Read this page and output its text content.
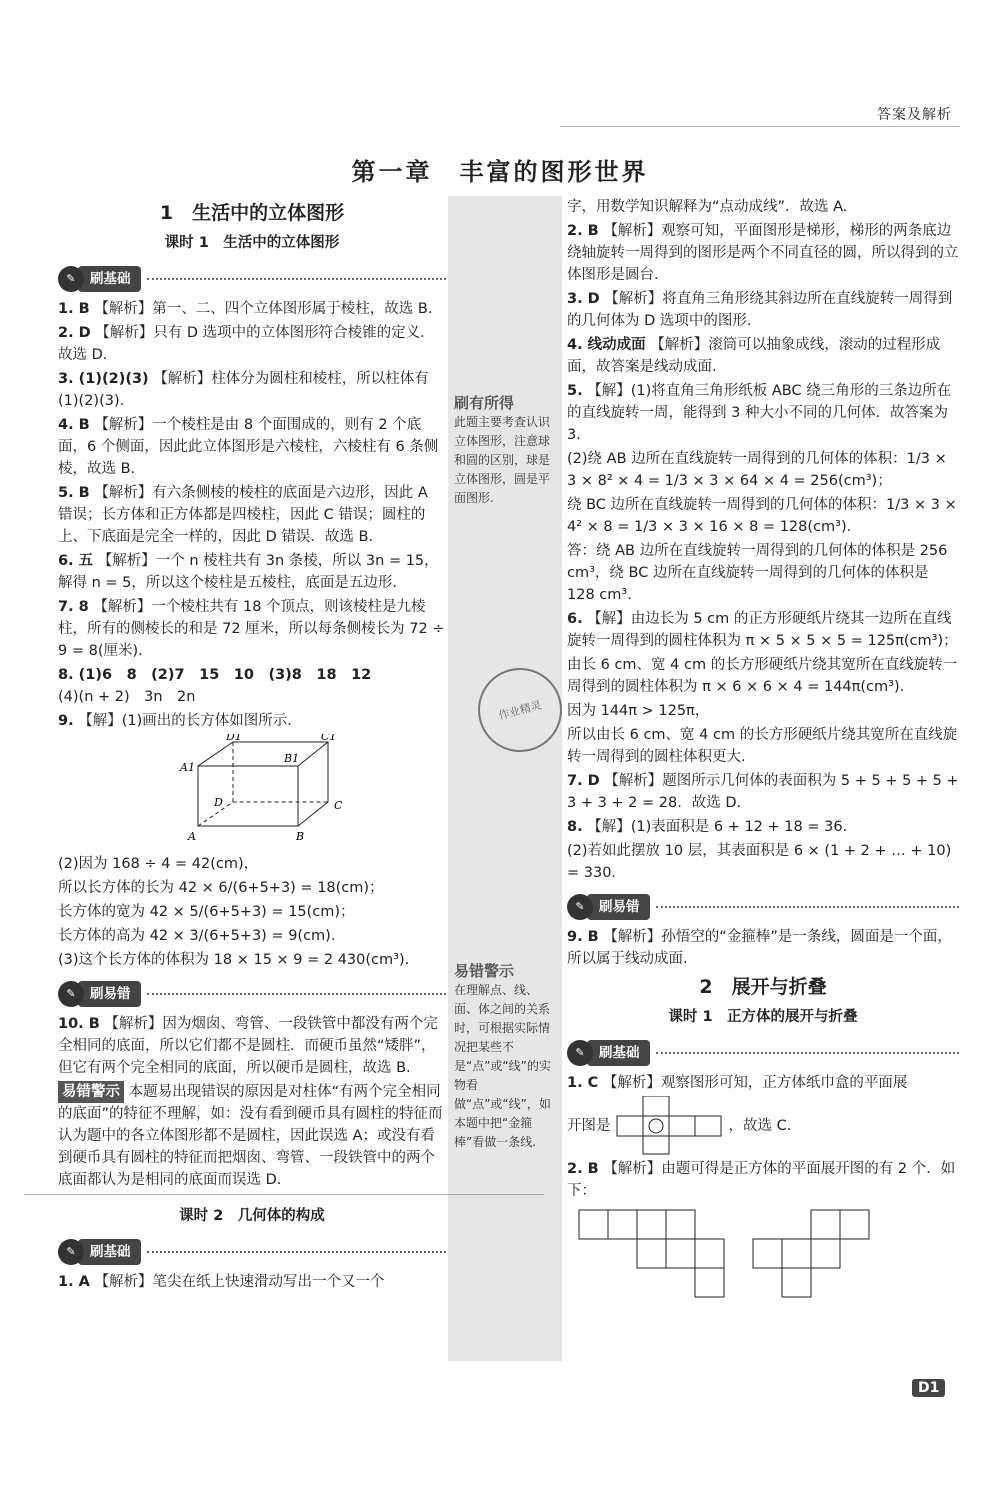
答案及解析
第一章　丰富的图形世界
1　生活中的立体图形
课时 1　生活中的立体图形
✎	刷基础
1. B 【解析】第一、二、四个立体图形属于棱柱，故选 B.
2. D 【解析】只有 D 选项中的立体图形符合棱锥的定义．故选 D.
3. (1)(2)(3) 【解析】柱体分为圆柱和棱柱，所以柱体有(1)(2)(3).
4. B 【解析】一个棱柱是由 8 个面围成的，则有 2 个底面，6 个侧面，因此此立体图形是六棱柱，六棱柱有 6 条侧棱，故选 B.
5. B 【解析】有六条侧棱的棱柱的底面是六边形，因此 A 错误；长方体和正方体都是四棱柱，因此 C 错误；圆柱的上、下底面是完全一样的，因此 D 错误．故选 B.
6. 五 【解析】一个 n 棱柱共有 3n 条棱，所以 3n = 15，解得 n = 5，所以这个棱柱是五棱柱，底面是五边形.
7. 8 【解析】一个棱柱共有 18 个顶点，则该棱柱是九棱柱，所有的侧棱长的和是 72 厘米，所以每条侧棱长为 72 ÷ 9 = 8(厘米).
8. (1)6　8　(2)7　15　10　(3)8　18　12
(4)(n + 2)　3n　2n
9. 【解】(1)画出的长方体如图所示.
D1	C1
A1
B1
D	C
A	B
(2)因为 168 ÷ 4 = 42(cm)，
所以长方体的长为 42 × 6/(6+5+3) = 18(cm)；
长方体的宽为 42 × 5/(6+5+3) = 15(cm)；
长方体的高为 42 × 3/(6+5+3) = 9(cm).
(3)这个长方体的体积为 18 × 15 × 9 = 2 430(cm³).
✎	刷易错
10. B 【解析】因为烟囱、弯管、一段铁管中都没有两个完全相同的底面，所以它们都不是圆柱．而硬币虽然“矮胖”，但它有两个完全相同的底面，所以硬币是圆柱，故选 B.
易错警示 本题易出现错误的原因是对柱体“有两个完全相同的底面”的特征不理解，如：没有看到硬币具有圆柱的特征而认为题中的各立体图形都不是圆柱，因此误选 A；或没有看到硬币具有圆柱的特征而把烟囱、弯管、一段铁管中的两个底面都认为是相同的底面而误选 D.
课时 2　几何体的构成
✎	刷基础
1. A 【解析】笔尖在纸上快速滑动写出一个又一个
刷有所得
此题主要考查认识立体图形，注意球和圆的区别，球是立体图形，圆是平面图形.
作业精灵
易错警示
在理解点、线、面、体之间的关系时，可根据实际情况把某些不是“点”或“线”的实物看做“点”或“线”，如本题中把“金箍棒”看做一条线.
字，用数学知识解释为“点动成线”．故选 A.
2. B 【解析】观察可知，平面图形是梯形，梯形的两条底边绕轴旋转一周得到的图形是两个不同直径的圆，所以得到的立体图形是圆台.
3. D 【解析】将直角三角形绕其斜边所在直线旋转一周得到的几何体为 D 选项中的图形.
4. 线动成面 【解析】滚筒可以抽象成线，滚动的过程形成面，故答案是线动成面.
5. 【解】(1)将直角三角形纸板 ABC 绕三角形的三条边所在的直线旋转一周，能得到 3 种大小不同的几何体．故答案为 3.
(2)绕 AB 边所在直线旋转一周得到的几何体的体积：1/3 × 3 × 8² × 4 = 1/3 × 3 × 64 × 4 = 256(cm³)；
绕 BC 边所在直线旋转一周得到的几何体的体积：1/3 × 3 × 4² × 8 = 1/3 × 3 × 16 × 8 = 128(cm³).
答：绕 AB 边所在直线旋转一周得到的几何体的体积是 256 cm³，绕 BC 边所在直线旋转一周得到的几何体的体积是 128 cm³.
6. 【解】由边长为 5 cm 的正方形硬纸片绕其一边所在直线旋转一周得到的圆柱体积为 π × 5 × 5 × 5 = 125π(cm³)；
由长 6 cm、宽 4 cm 的长方形硬纸片绕其宽所在直线旋转一周得到的圆柱体积为 π × 6 × 6 × 4 = 144π(cm³).
因为 144π > 125π，
所以由长 6 cm、宽 4 cm 的长方形硬纸片绕其宽所在直线旋转一周得到的圆柱体积更大.
7. D 【解析】题图所示几何体的表面积为 5 + 5 + 5 + 5 + 3 + 3 + 2 = 28．故选 D.
8. 【解】(1)表面积是 6 + 12 + 18 = 36.
(2)若如此摆放 10 层，其表面积是 6 × (1 + 2 + … + 10) = 330.
✎	刷易错
9. B 【解析】孙悟空的“金箍棒”是一条线，圆面是一个面，所以属于线动成面.
2　展开与折叠
课时 1　正方体的展开与折叠
✎	刷基础
1. C 【解析】观察图形可知，正方体纸巾盒的平面展
开图是	，故选 C.
2. B 【解析】由题可得是正方体的平面展开图的有 2 个．如下：
D1
